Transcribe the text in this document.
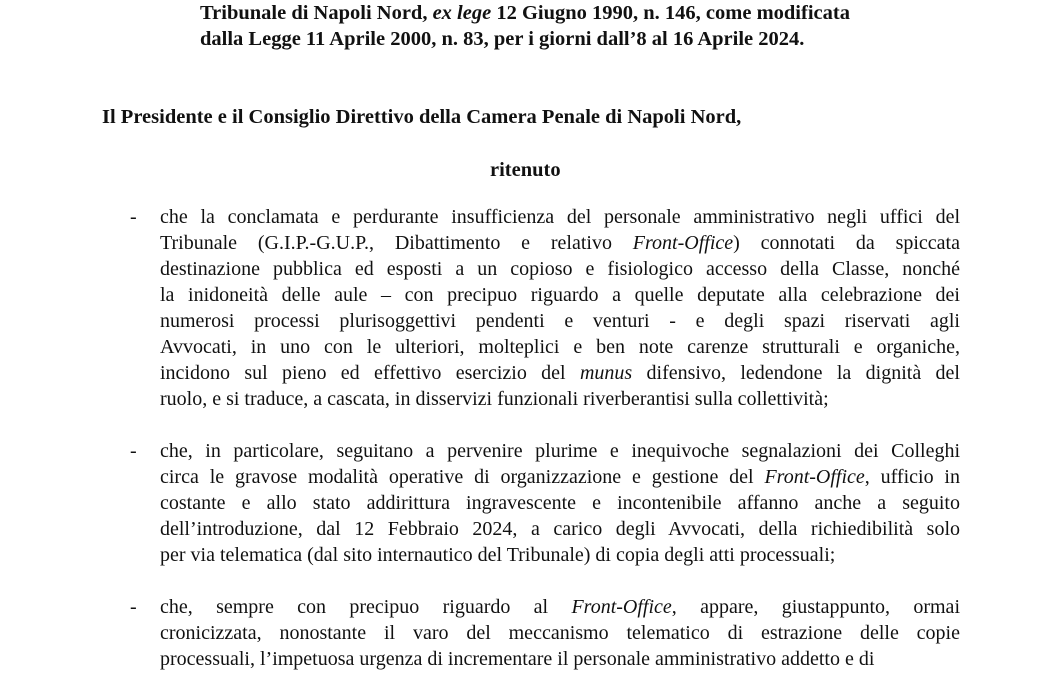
Tribunale di Napoli Nord, ex lege 12 Giugno 1990, n. 146, come modificata
dalla Legge 11 Aprile 2000, n. 83, per i giorni dall’8 al 16 Aprile 2024.
Il Presidente e il Consiglio Direttivo della Camera Penale di Napoli Nord,
ritenuto
-	che la conclamata e perdurante insufficienza del personale amministrativo negli uffici del
Tribunale (G.I.P.-G.U.P., Dibattimento e relativo Front-Office) connotati da spiccata
destinazione pubblica ed esposti a un copioso e fisiologico accesso della Classe, nonché
la inidoneità delle aule – con precipuo riguardo a quelle deputate alla celebrazione dei
numerosi processi plurisoggettivi pendenti e venturi - e degli spazi riservati agli
Avvocati, in uno con le ulteriori, molteplici e ben note carenze strutturali e organiche,
incidono sul pieno ed effettivo esercizio del munus difensivo, ledendone la dignità del
ruolo, e si traduce, a cascata, in disservizi funzionali riverberantisi sulla collettività;
-	che, in particolare, seguitano a pervenire plurime e inequivoche segnalazioni dei Colleghi
circa le gravose modalità operative di organizzazione e gestione del Front-Office, ufficio in
costante e allo stato addirittura ingravescente e incontenibile affanno anche a seguito
dell’introduzione, dal 12 Febbraio 2024, a carico degli Avvocati, della richiedibilità solo
per via telematica (dal sito internautico del Tribunale) di copia degli atti processuali;
-	che, sempre con precipuo riguardo al Front-Office, appare, giustappunto, ormai
cronicizzata, nonostante il varo del meccanismo telematico di estrazione delle copie
processuali, l’impetuosa urgenza di incrementare il personale amministrativo addetto e di
